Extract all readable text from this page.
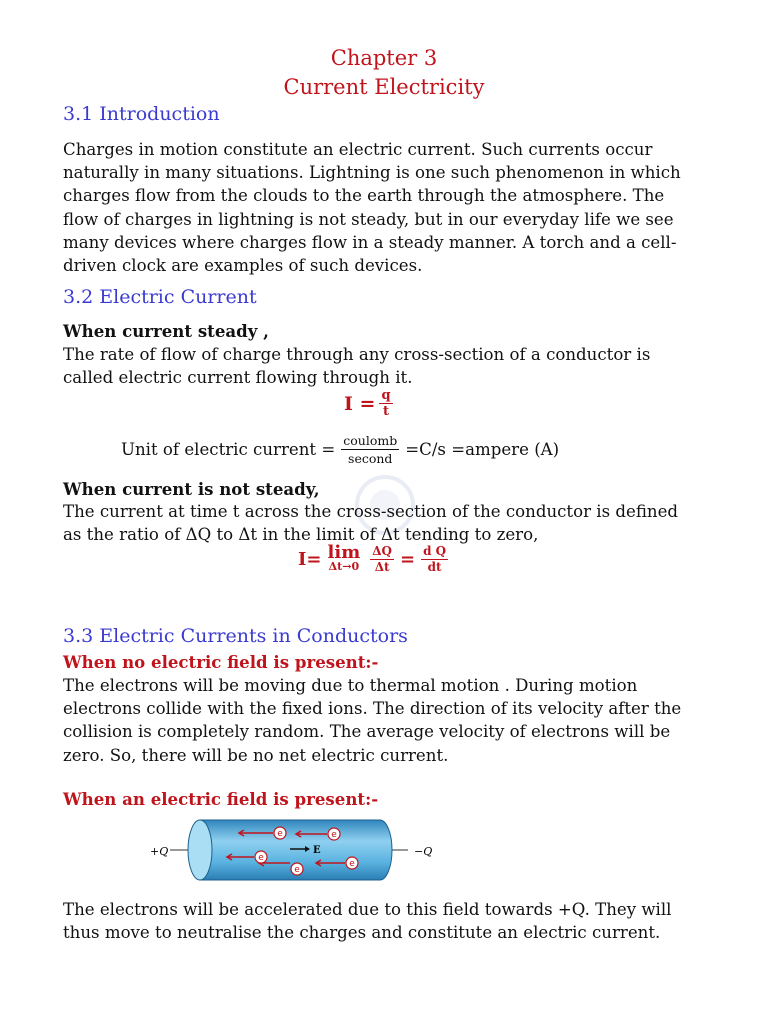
Chapter 3
Current Electricity
3.1 Introduction
Charges in motion constitute an electric current. Such currents occur
naturally in many situations. Lightning is one such phenomenon in which
charges flow from the clouds to the earth through the atmosphere. The
flow of charges in lightning is not steady, but in our everyday life we see
many devices where charges flow in a steady manner. A torch and a cell-
driven clock are examples of such devices.
3.2 Electric Current
When current steady ,
The rate of flow of charge through any cross-section of a conductor is
called electric current flowing through it.
$I = \frac{q}{t}$
Unit of electric current = $\frac{\text{coulomb}}{\text{second}} =C/s$ =ampere (A)
When current is not steady,
The current at time t across the cross-section of the conductor is defined
as the ratio of ΔQ to Δt in the limit of Δt tending to zero,
I= lim
$\Delta t\to 0 \frac{\Delta Q}{\Delta t} = \frac{\text{d Q}}{dt}$
3.3 Electric Currents in Conductors
When no electric field is present:-
The electrons will be moving due to thermal motion . During motion
electrons collide with the fixed ions. The direction of its velocity after the
collision is completely random. The average velocity of electrons will be
zero. So, there will be no net electric current.
When an electric field is present:-
+Q	−Q
e	e
e
e
e
E
The electrons will be accelerated due to this field towards +Q. They will
thus move to neutralise the charges and constitute an electric current.
